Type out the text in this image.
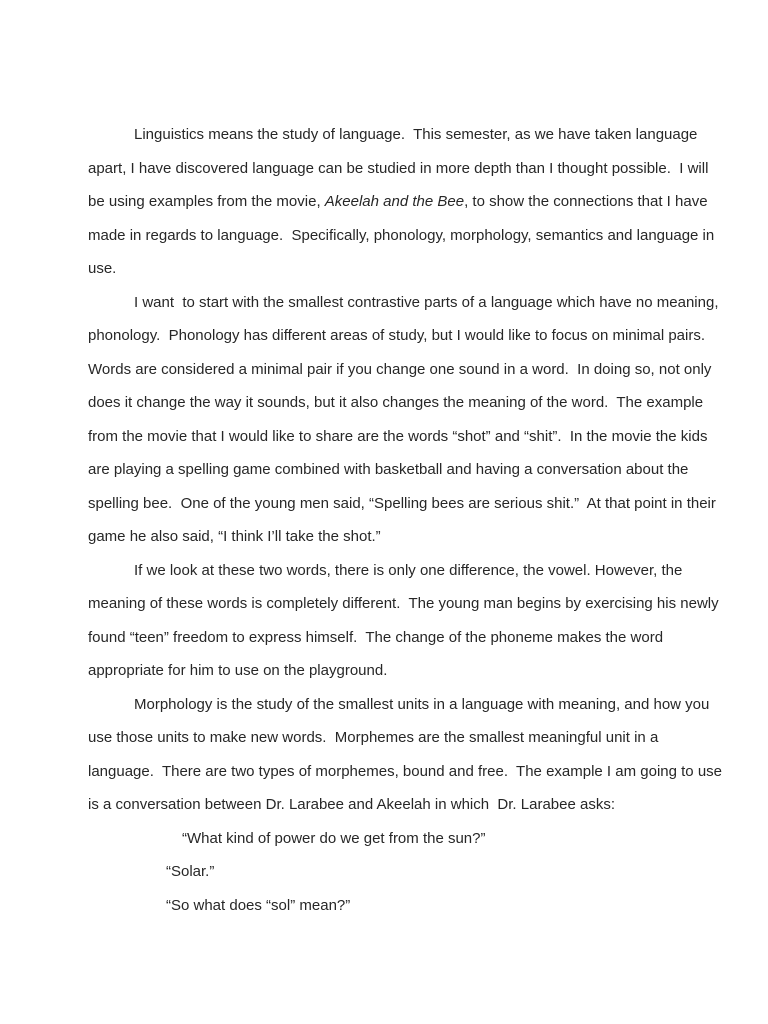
Linguistics means the study of language.  This semester, as we have taken language
apart, I have discovered language can be studied in more depth than I thought possible.  I will
be using examples from the movie, Akeelah and the Bee, to show the connections that I have
made in regards to language.  Specifically, phonology, morphology, semantics and language in
use.
I want  to start with the smallest contrastive parts of a language which have no meaning,
phonology.  Phonology has different areas of study, but I would like to focus on minimal pairs.
Words are considered a minimal pair if you change one sound in a word.  In doing so, not only
does it change the way it sounds, but it also changes the meaning of the word.  The example
from the movie that I would like to share are the words “shot” and “shit”.  In the movie the kids
are playing a spelling game combined with basketball and having a conversation about the
spelling bee.  One of the young men said, “Spelling bees are serious shit.”  At that point in their
game he also said, “I think I’ll take the shot.”
If we look at these two words, there is only one difference, the vowel. However, the
meaning of these words is completely different.  The young man begins by exercising his newly
found “teen” freedom to express himself.  The change of the phoneme makes the word
appropriate for him to use on the playground.
Morphology is the study of the smallest units in a language with meaning, and how you
use those units to make new words.  Morphemes are the smallest meaningful unit in a
language.  There are two types of morphemes, bound and free.  The example I am going to use
is a conversation between Dr. Larabee and Akeelah in which  Dr. Larabee asks:
“What kind of power do we get from the sun?”
“Solar.”
“So what does “sol” mean?”
